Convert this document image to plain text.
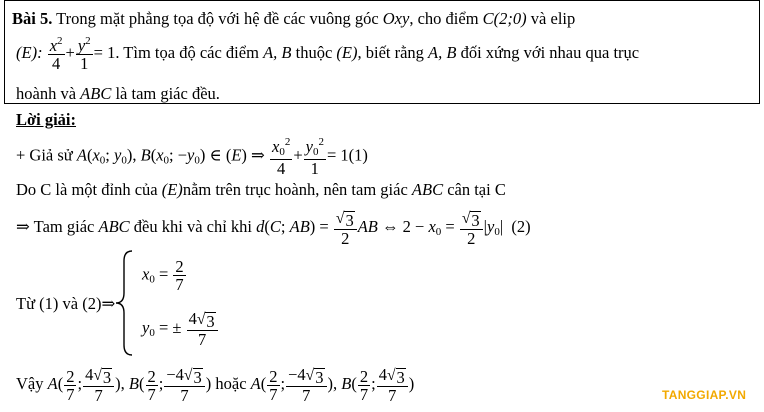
Bài 5. Trong mặt phẳng tọa độ với hệ đề các vuông góc Oxy, cho điểm C(2;0) và elip
(E): $\frac{x^2}{4} + \frac{y^2}{1} = 1$. Tìm tọa độ các điểm A, B thuộc (E), biết rằng A, B đối xứng với nhau qua trục
hoành và ABC là tam giác đều.
Lời giải:
+ Giả sử $A(x_0$; $y_0$), $B(x_0$; $-y_0$) ∈ (E) ⇒ $\frac{x_0^2}{4} + \frac{y_0^2}{1} = 1(1)$
Do C là một đỉnh của (E)nằm trên trục hoành, nên tam giác ABC cân tại C
⇒ Tam giác ABC đều khi và chỉ khi d(C; $AB) = \frac{√ 3}{2}$ AB ⇔ $2 - x_0 = \frac{√ 3}{2} |y_0|$  (2)
Từ (1) và (2)⇒
$x_0 = \frac{2}{7}$
$y_0$ = ± $\frac{4 √ 3}{7}$
Vậy $A( \frac{2}{7}$ ; $\frac{4 √ 3}{7}$ ), $B( \frac{2}{7}$ ; $\frac{-4 √ 3}{7}$ ) hoặc $A( \frac{2}{7}$ ; $\frac{-4 √ 3}{7}$ ), $B( \frac{2}{7}$ ; $\frac{4 √ 3}{7}$ )
TANGGIAP.VN
